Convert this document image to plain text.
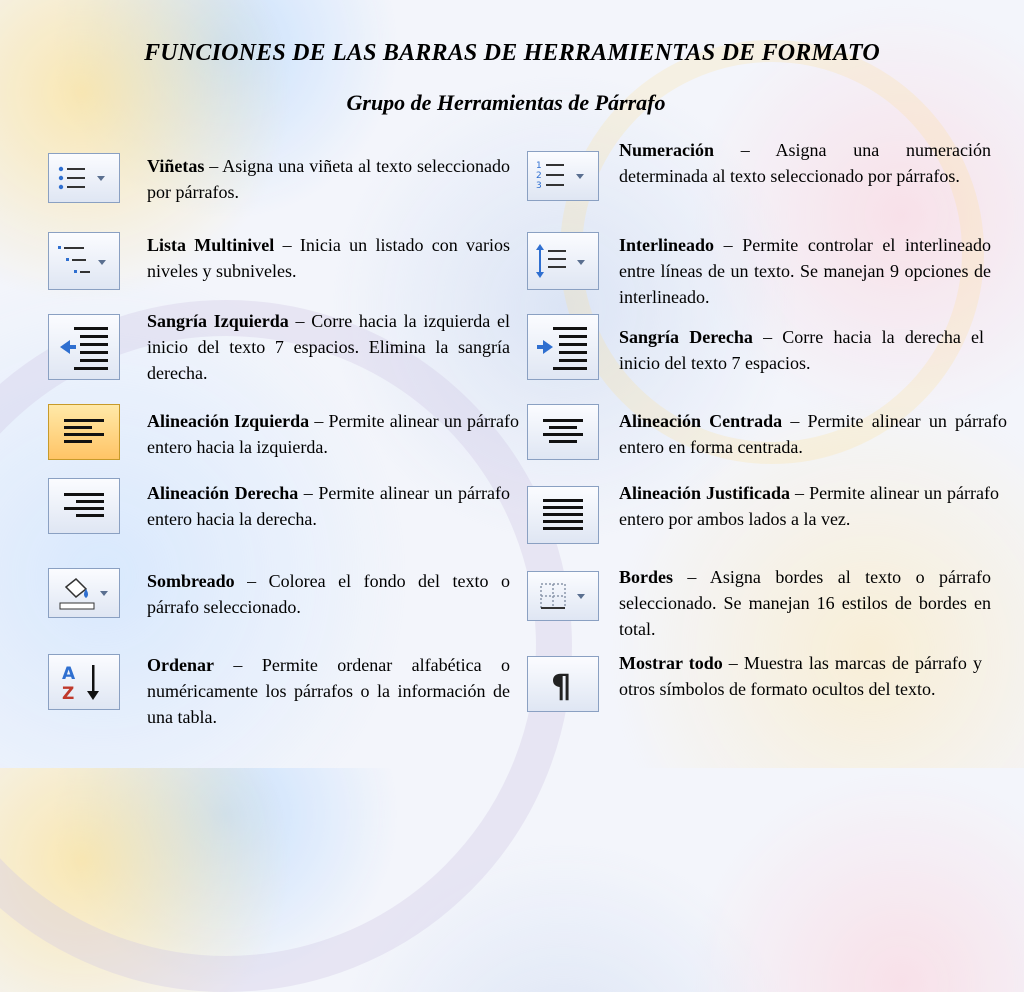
FUNCIONES DE LAS BARRAS DE HERRAMIENTAS DE FORMATO
Grupo de Herramientas de Párrafo
Viñetas – Asigna una viñeta al texto seleccionado por párrafos.
1
2
3
Numeración – Asigna una numeración determinada al texto seleccionado por párrafos.
Lista Multinivel – Inicia un listado con varios niveles y subniveles.
Interlineado – Permite controlar el interlineado entre líneas de un texto. Se manejan 9 opciones de interlineado.
Sangría Izquierda – Corre hacia la izquierda el inicio del texto 7 espacios. Elimina la sangría derecha.
Sangría Derecha – Corre hacia la derecha el inicio del texto 7 espacios.
Alineación Izquierda – Permite alinear un párrafo entero hacia la izquierda.
Alineación Centrada – Permite alinear un párrafo entero en forma centrada.
Alineación Derecha – Permite alinear un párrafo entero hacia la derecha.
Alineación Justificada – Permite alinear un párrafo entero por ambos lados a la vez.
Sombreado – Colorea el fondo del texto o párrafo seleccionado.
Bordes – Asigna bordes al texto o párrafo seleccionado. Se manejan 16 estilos de bordes en total.
A
Z
Ordenar – Permite ordenar alfabética o numéricamente los párrafos o la información de una tabla.
¶
Mostrar todo – Muestra las marcas de párrafo y otros símbolos de formato ocultos del texto.
